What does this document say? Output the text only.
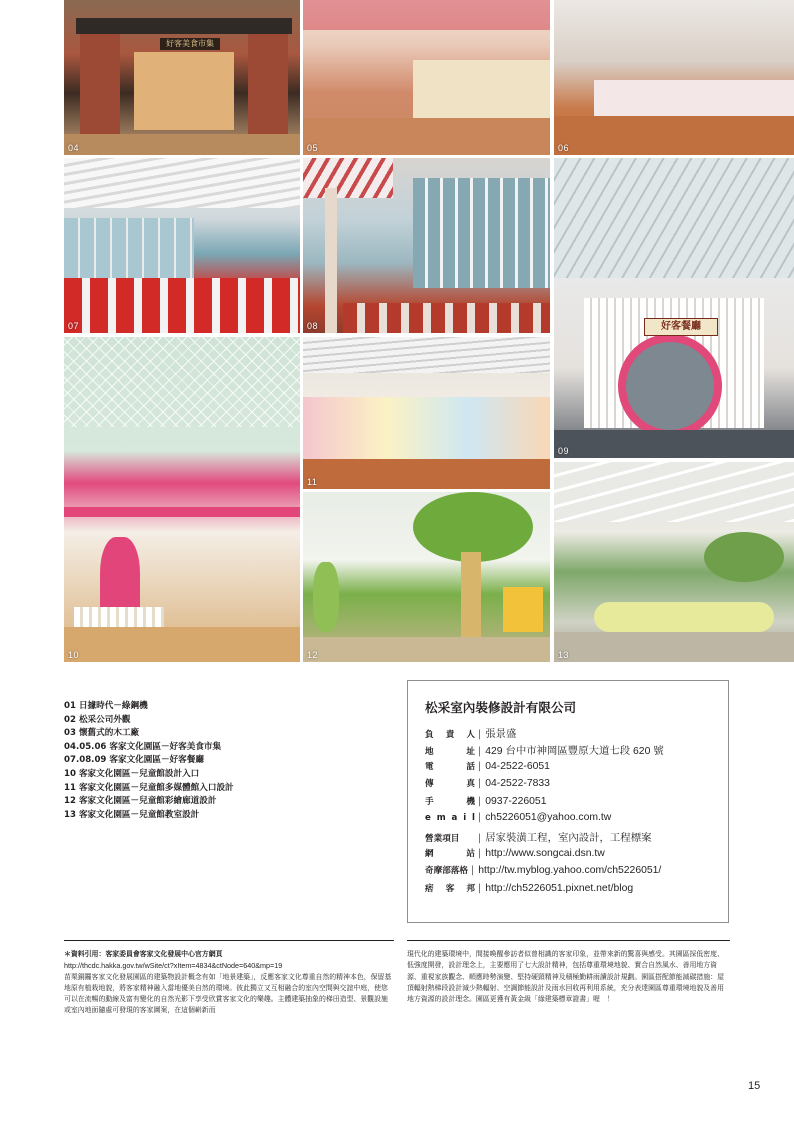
好客美食市集
04	05	06
07	08	好客餐廳
09
10
11
12	13
01 日據時代－綠鋼機
02 松采公司外觀
03 懷舊式的木工廠
04.05.06 客家文化園區－好客美食市集
07.08.09 客家文化園區－好客餐廳
10 客家文化園區－兒童館設計入口
11 客家文化園區－兒童館多媒體館入口設計
12 客家文化園區－兒童館彩繪廊道設計
13 客家文化園區－兒童館教室設計
松采室內裝修設計有限公司
負 責 人 | 張景盛
地	址 | 429 台中市神岡區豐原大道七段 620 號
電	話 | 04-2522-6051
傳	真 | 04-2522-7833
手	機 | 0937-226051
e m a i l | ch5226051@yahoo.com.tw
營業項目	| 居家裝潢工程，室內設計，工程標案
網	站 | http://www.songcai.dsn.tw
奇摩部落格 | http://tw.myblog.yahoo.com/ch5226051/
痞 客 邦 | http://ch5226051.pixnet.net/blog
＊資料引用：客家委員會客家文化發展中心官方網頁
http://thcdc.hakka.gov.tw/wSite/ct?xItem=4834&ctNode=640&mp=19
苗栗銅鑼客家文化發展園區的建築物設計概念有如「地景建築」，反應客家文化尊重自然的精神本色，保留基地原有植栽地貌，將客家精神融入當地優美自然的環境。彼此獨立又互相融合的室內空間與交誼中庭，使您可以在流暢的動線及富有變化的自然光影下享受欣賞客家文化的樂趣。主體建築抽象的梯田造型、景觀設施或室內地面隨處可發現的客家圖案，在這個嶄新而
現代化的建築環境中，間接喚醒參訪者似曾相識的客家印象，並帶來新的驚喜與感受。其園區採低密度、低強度開發，設計理念上，主要應用了七大設計精神，包括尊重環境地貌、實合自然風水、善用地方資源、重視家族觀念、順應時勢演變、堅持硬頸精神及積極勤耕雨讀設計規劃。園區搭配節能減碳措施：屋頂輻射熱梯段設計減少熱輻射、空調節能設計及雨水回收再利用系統，充分表達園區尊重環境地貌及善用地方資源的設計理念。園區更獲有黃金級「綠建築標章證書」喔　！
15
